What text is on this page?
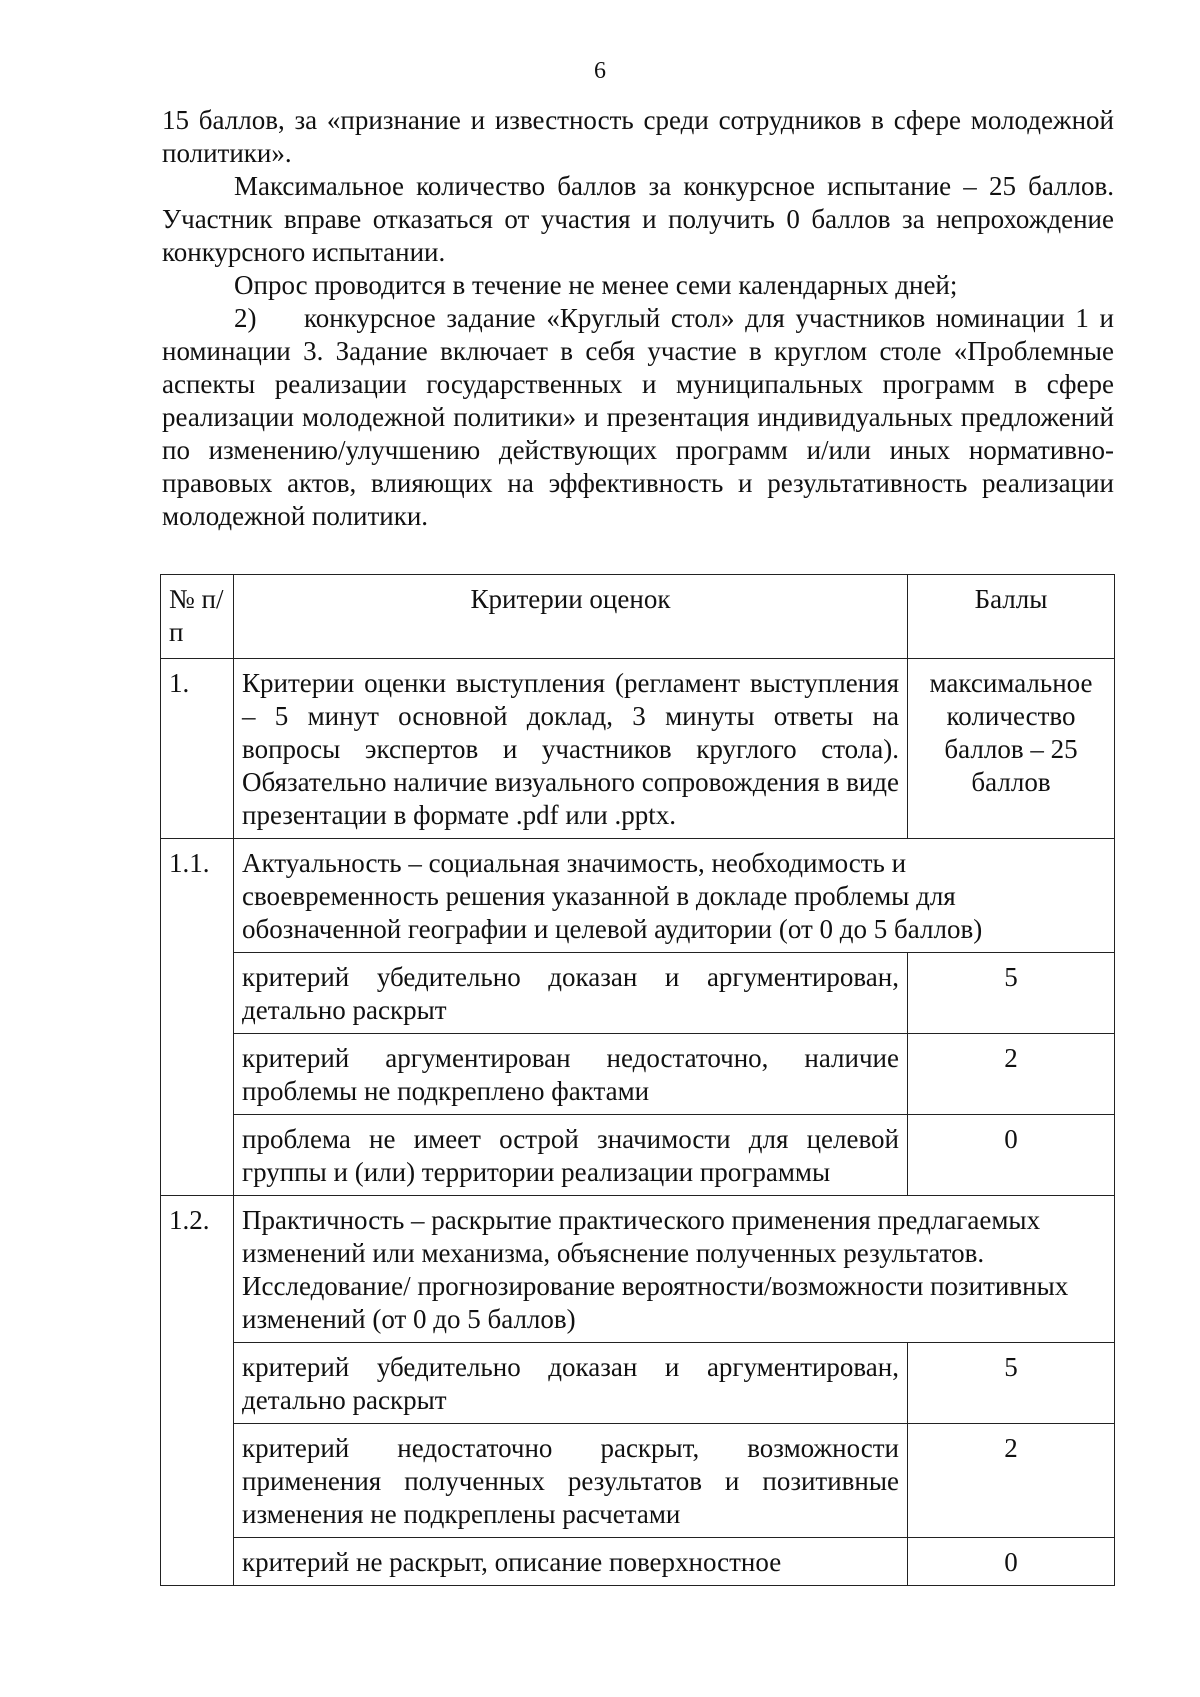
6

15 баллов, за «признание и известность среди сотрудников в сфере молодежной политики».

Максимальное количество баллов за конкурсное испытание – 25 баллов. Участник вправе отказаться от участия и получить 0 баллов за непрохождение конкурсного испытании.

Опрос проводится в течение не менее семи календарных дней;

2) конкурсное задание «Круглый стол» для участников номинации 1 и номинации 3. Задание включает в себя участие в круглом столе «Проблемные аспекты реализации государственных и муниципальных программ в сфере реализации молодежной политики» и презентация индивидуальных предложений по изменению/улучшению действующих программ и/или иных нормативно-правовых актов, влияющих на эффективность и результативность реализации молодежной политики.

№ п/п	Критерии оценок	Баллы
1.	Критерии оценки выступления (регламент выступления – 5 минут основной доклад, 3 минуты ответы на вопросы экспертов и участников круглого стола). Обязательно наличие визуального сопровождения в виде презентации в формате .pdf или .pptx.	максимальное количество баллов – 25 баллов
1.1.	Актуальность – социальная значимость, необходимость и своевременность решения указанной в докладе проблемы для обозначенной географии и целевой аудитории (от 0 до 5 баллов)	
	критерий убедительно доказан и аргументирован, детально раскрыт	5
	критерий аргументирован недостаточно, наличие проблемы не подкреплено фактами	2
	проблема не имеет острой значимости для целевой группы и (или) территории реализации программы	0
1.2.	Практичность – раскрытие практического применения предлагаемых изменений или механизма, объяснение полученных результатов. Исследование/ прогнозирование вероятности/возможности позитивных изменений (от 0 до 5 баллов)	
	критерий убедительно доказан и аргументирован, детально раскрыт	5
	критерий недостаточно раскрыт, возможности применения полученных результатов и позитивные изменения не подкреплены расчетами	2
	критерий не раскрыт, описание поверхностное	0
